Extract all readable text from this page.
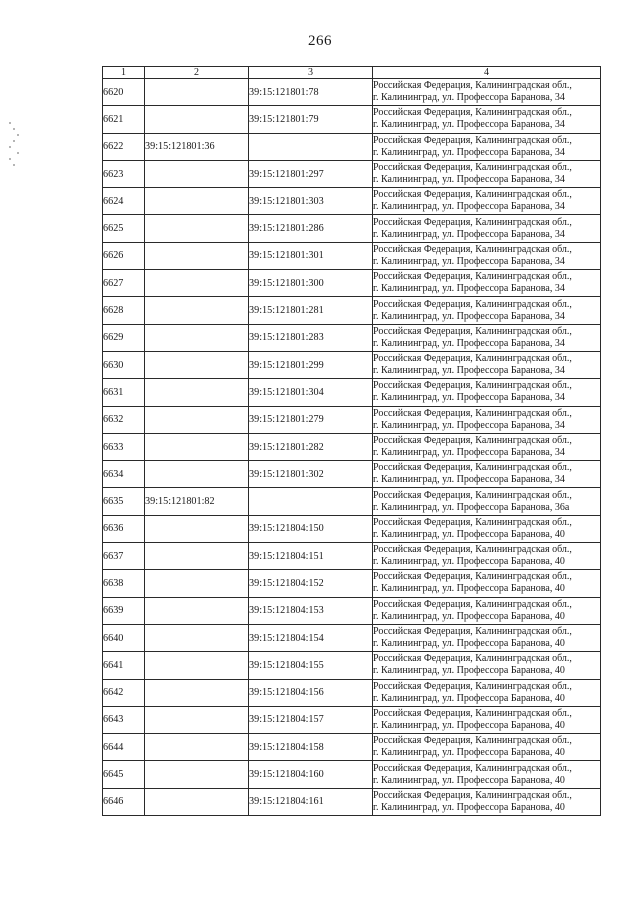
266
1	2	3	4
6620		39:15:121801:78	Российская Федерация, Калининградская обл.,
г. Калининград, ул. Профессора Баранова, 34

6621		39:15:121801:79	Российская Федерация, Калининградская обл.,
г. Калининград, ул. Профессора Баранова, 34

6622	39:15:121801:36		Российская Федерация, Калининградская обл.,
г. Калининград, ул. Профессора Баранова, 34

6623		39:15:121801:297	Российская Федерация, Калининградская обл.,
г. Калининград, ул. Профессора Баранова, 34

6624		39:15:121801:303	Российская Федерация, Калининградская обл.,
г. Калининград, ул. Профессора Баранова, 34

6625		39:15:121801:286	Российская Федерация, Калининградская обл.,
г. Калининград, ул. Профессора Баранова, 34

6626		39:15:121801:301	Российская Федерация, Калининградская обл.,
г. Калининград, ул. Профессора Баранова, 34

6627		39:15:121801:300	Российская Федерация, Калининградская обл.,
г. Калининград, ул. Профессора Баранова, 34

6628		39:15:121801:281	Российская Федерация, Калининградская обл.,
г. Калининград, ул. Профессора Баранова, 34

6629		39:15:121801:283	Российская Федерация, Калининградская обл.,
г. Калининград, ул. Профессора Баранова, 34

6630		39:15:121801:299	Российская Федерация, Калининградская обл.,
г. Калининград, ул. Профессора Баранова, 34

6631		39:15:121801:304	Российская Федерация, Калининградская обл.,
г. Калининград, ул. Профессора Баранова, 34

6632		39:15:121801:279	Российская Федерация, Калининградская обл.,
г. Калининград, ул. Профессора Баранова, 34

6633		39:15:121801:282	Российская Федерация, Калининградская обл.,
г. Калининград, ул. Профессора Баранова, 34

6634		39:15:121801:302	Российская Федерация, Калининградская обл.,
г. Калининград, ул. Профессора Баранова, 34

6635	39:15:121801:82		Российская Федерация, Калининградская обл.,
г. Калининград, ул. Профессора Баранова, 36а

6636		39:15:121804:150	Российская Федерация, Калининградская обл.,
г. Калининград, ул. Профессора Баранова, 40

6637		39:15:121804:151	Российская Федерация, Калининградская обл.,
г. Калининград, ул. Профессора Баранова, 40

6638		39:15:121804:152	Российская Федерация, Калининградская обл.,
г. Калининград, ул. Профессора Баранова, 40

6639		39:15:121804:153	Российская Федерация, Калининградская обл.,
г. Калининград, ул. Профессора Баранова, 40

6640		39:15:121804:154	Российская Федерация, Калининградская обл.,
г. Калининград, ул. Профессора Баранова, 40

6641		39:15:121804:155	Российская Федерация, Калининградская обл.,
г. Калининград, ул. Профессора Баранова, 40

6642		39:15:121804:156	Российская Федерация, Калининградская обл.,
г. Калининград, ул. Профессора Баранова, 40

6643		39:15:121804:157	Российская Федерация, Калининградская обл.,
г. Калининград, ул. Профессора Баранова, 40

6644		39:15:121804:158	Российская Федерация, Калининградская обл.,
г. Калининград, ул. Профессора Баранова, 40

6645		39:15:121804:160	Российская Федерация, Калининградская обл.,
г. Калининград, ул. Профессора Баранова, 40

6646		39:15:121804:161	Российская Федерация, Калининградская обл.,
г. Калининград, ул. Профессора Баранова, 40
